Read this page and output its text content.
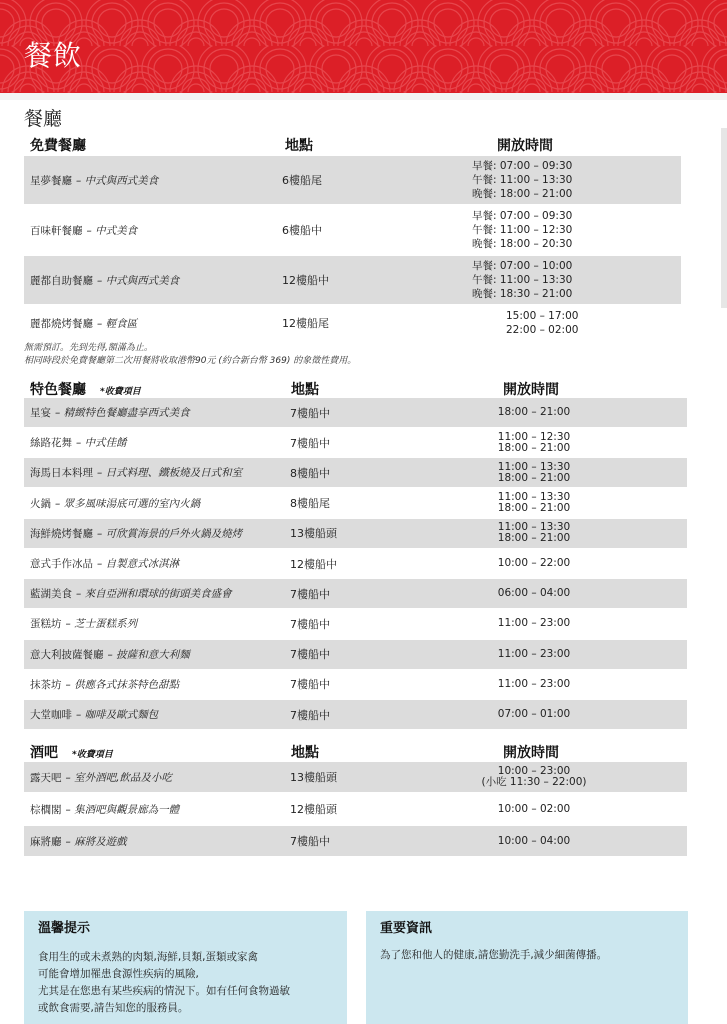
餐飲
餐廳
免費餐廳	地點	開放時間
星夢餐廳 – 中式與西式美食	6樓船尾
早餐: 07:00 – 09:30
午餐: 11:00 – 13:30
晚餐: 18:00 – 21:00
百味軒餐廳 – 中式美食	6樓船中
早餐: 07:00 – 09:30
午餐: 11:00 – 12:30
晚餐: 18:00 – 20:30
麗都自助餐廳 – 中式與西式美食	12樓船中
早餐: 07:00 – 10:00
午餐: 11:00 – 13:30
晚餐: 18:30 – 21:00
麗都燒烤餐廳 – 輕食區	12樓船尾
15:00 – 17:00
22:00 – 02:00
無需預訂。先到先得,額滿為止。
相同時段於免費餐廳第二次用餐將收取港幣90元 (約合新台幣 369) 的象徵性費用。
特色餐廳 *收費項目	地點	開放時間
星宴 – 精緻特色餐廳盡享西式美食	7樓船中	18:00 – 21:00
絲路花舞 – 中式佳餚	7樓船中	11:00 – 12:30
18:00 – 21:00
海馬日本料理 – 日式料理、鐵板燒及日式和室	8樓船中	11:00 – 13:30
18:00 – 21:00
火鍋 – 眾多風味湯底可選的室內火鍋	8樓船尾	11:00 – 13:30
18:00 – 21:00
海鮮燒烤餐廳 – 可欣賞海景的戶外火鍋及燒烤	13樓船頭	11:00 – 13:30
18:00 – 21:00
意式手作冰品 – 自製意式冰淇淋	12樓船中	10:00 – 22:00
藍湖美食 – 來自亞洲和環球的街頭美食盛會	7樓船中	06:00 – 04:00
蛋糕坊 – 芝士蛋糕系列	7樓船中	11:00 – 23:00
意大利披薩餐廳 – 披薩和意大利麵	7樓船中	11:00 – 23:00
抹茶坊 – 供應各式抹茶特色甜點	7樓船中	11:00 – 23:00
大堂咖啡 – 咖啡及歐式麵包	7樓船中	07:00 – 01:00
酒吧 *收費項目	地點	開放時間
露天吧 – 室外酒吧,飲品及小吃	13樓船頭	10:00 – 23:00
(小吃 11:30 – 22:00)
棕櫚閣 – 集酒吧與觀景廊為一體	12樓船頭	10:00 – 02:00
麻將廳 – 麻將及遊戲	7樓船中	10:00 – 04:00
溫馨提示
食用生的或未煮熟的肉類,海鮮,貝類,蛋類或家禽
可能會增加罹患食源性疾病的風險,
尤其是在您患有某些疾病的情況下。如有任何食物過敏
或飲食需要,請告知您的服務員。
重要資訊
為了您和他人的健康,請您勤洗手,減少細菌傳播。
